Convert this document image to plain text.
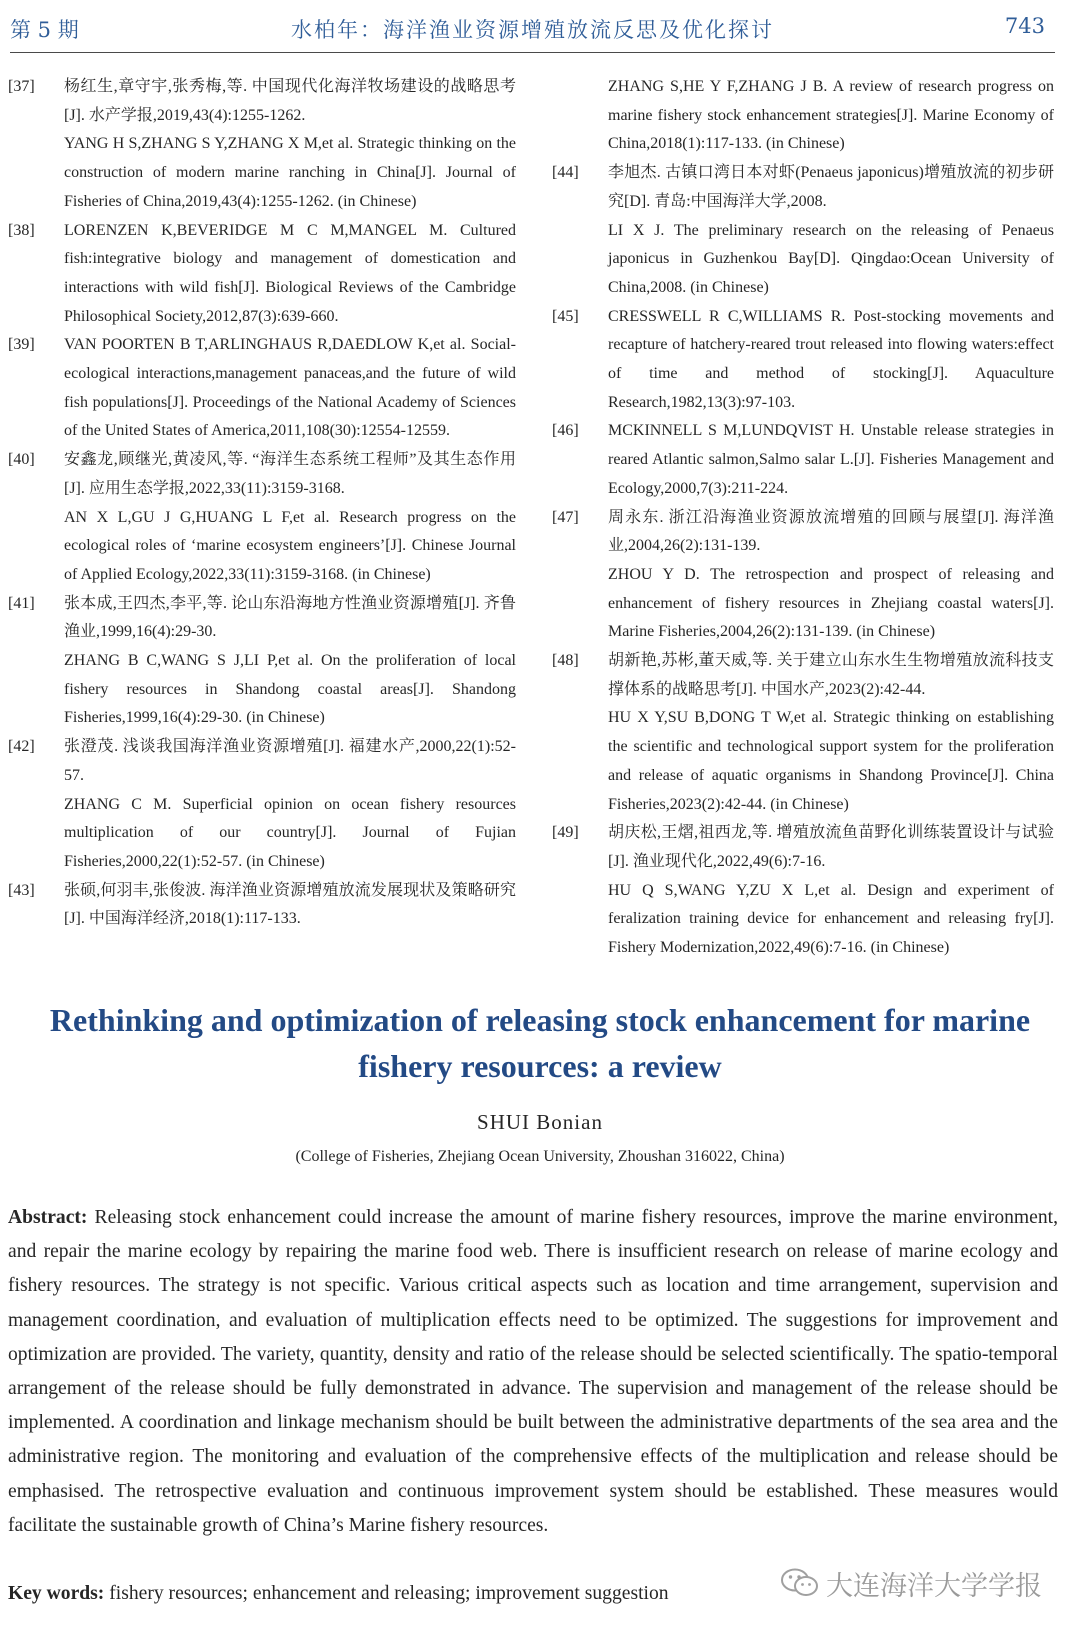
第 5 期	水柏年：海洋渔业资源增殖放流反思及优化探讨	743
[37] 杨红生,章守宇,张秀梅,等. 中国现代化海洋牧场建设的战略思考[J]. 水产学报,2019,43(4):1255-1262.

YANG H S,ZHANG S Y,ZHANG X M,et al. Strategic thinking on the construction of modern marine ranching in China[J]. Journal of Fisheries of China,2019,43(4):1255-1262. (in Chinese)

[38] LORENZEN K,BEVERIDGE M C M,MANGEL M. Cultured fish:integrative biology and management of domestication and interactions with wild fish[J]. Biological Reviews of the Cambridge Philosophical Society,2012,87(3):639-660.

[39] VAN POORTEN B T,ARLINGHAUS R,DAEDLOW K,et al. Social-ecological interactions,management panaceas,and the future of wild fish populations[J]. Proceedings of the National Academy of Sciences of the United States of America,2011,108(30):12554-12559.

[40] 安鑫龙,顾继光,黄凌风,等. “海洋生态系统工程师”及其生态作用[J]. 应用生态学报,2022,33(11):3159-3168.

AN X L,GU J G,HUANG L F,et al. Research progress on the ecological roles of ‘marine ecosystem engineers’[J]. Chinese Journal of Applied Ecology,2022,33(11):3159-3168. (in Chinese)

[41] 张本成,王四杰,李平,等. 论山东沿海地方性渔业资源增殖[J]. 齐鲁渔业,1999,16(4):29-30.

ZHANG B C,WANG S J,LI P,et al. On the proliferation of local fishery resources in Shandong coastal areas[J]. Shandong Fisheries,1999,16(4):29-30. (in Chinese)

[42] 张澄茂. 浅谈我国海洋渔业资源增殖[J]. 福建水产,2000,22(1):52-57.

ZHANG C M. Superficial opinion on ocean fishery resources multiplication of our country[J]. Journal of Fujian Fisheries,2000,22(1):52-57. (in Chinese)

[43] 张硕,何羽丰,张俊波. 海洋渔业资源增殖放流发展现状及策略研究[J]. 中国海洋经济,2018(1):117-133.

ZHANG S,HE Y F,ZHANG J B. A review of research progress on marine fishery stock enhancement strategies[J]. Marine Economy of China,2018(1):117-133. (in Chinese)

[44] 李旭杰. 古镇口湾日本对虾(Penaeus japonicus)增殖放流的初步研究[D]. 青岛:中国海洋大学,2008.

LI X J. The preliminary research on the releasing of Penaeus japonicus in Guzhenkou Bay[D]. Qingdao:Ocean University of China,2008. (in Chinese)

[45] CRESSWELL R C,WILLIAMS R. Post-stocking movements and recapture of hatchery-reared trout released into flowing waters:effect of time and method of stocking[J]. Aquaculture Research,1982,13(3):97-103.

[46] MCKINNELL S M,LUNDQVIST H. Unstable release strategies in reared Atlantic salmon,Salmo salar L.[J]. Fisheries Management and Ecology,2000,7(3):211-224.

[47] 周永东. 浙江沿海渔业资源放流增殖的回顾与展望[J]. 海洋渔业,2004,26(2):131-139.

ZHOU Y D. The retrospection and prospect of releasing and enhancement of fishery resources in Zhejiang coastal waters[J]. Marine Fisheries,2004,26(2):131-139. (in Chinese)

[48] 胡新艳,苏彬,董天威,等. 关于建立山东水生生物增殖放流科技支撑体系的战略思考[J]. 中国水产,2023(2):42-44.

HU X Y,SU B,DONG T W,et al. Strategic thinking on establishing the scientific and technological support system for the proliferation and release of aquatic organisms in Shandong Province[J]. China Fisheries,2023(2):42-44. (in Chinese)

[49] 胡庆松,王熠,祖西龙,等. 增殖放流鱼苗野化训练装置设计与试验[J]. 渔业现代化,2022,49(6):7-16.

HU Q S,WANG Y,ZU X L,et al. Design and experiment of feralization training device for enhancement and releasing fry[J]. Fishery Modernization,2022,49(6):7-16. (in Chinese)

Rethinking and optimization of releasing stock enhancement for marine fishery resources: a review
SHUI Bonian
(College of Fisheries, Zhejiang Ocean University, Zhoushan 316022, China)

Abstract: Releasing stock enhancement could increase the amount of marine fishery resources, improve the marine environment, and repair the marine ecology by repairing the marine food web. There is insufficient research on release of marine ecology and fishery resources. The strategy is not specific. Various critical aspects such as location and time arrangement, supervision and management coordination, and evaluation of multiplication effects need to be optimized. The suggestions for improvement and optimization are provided. The variety, quantity, density and ratio of the release should be selected scientifically. The spatio-temporal arrangement of the release should be fully demonstrated in advance. The supervision and management of the release should be implemented. A coordination and linkage mechanism should be built between the administrative departments of the sea area and the administrative region. The monitoring and evaluation of the comprehensive effects of the multiplication and release should be emphasised. The retrospective evaluation and continuous improvement system should be established. These measures would facilitate the sustainable growth of China’s Marine fishery resources.

Key words: fishery resources; enhancement and releasing; improvement suggestion	大连海洋大学学报
